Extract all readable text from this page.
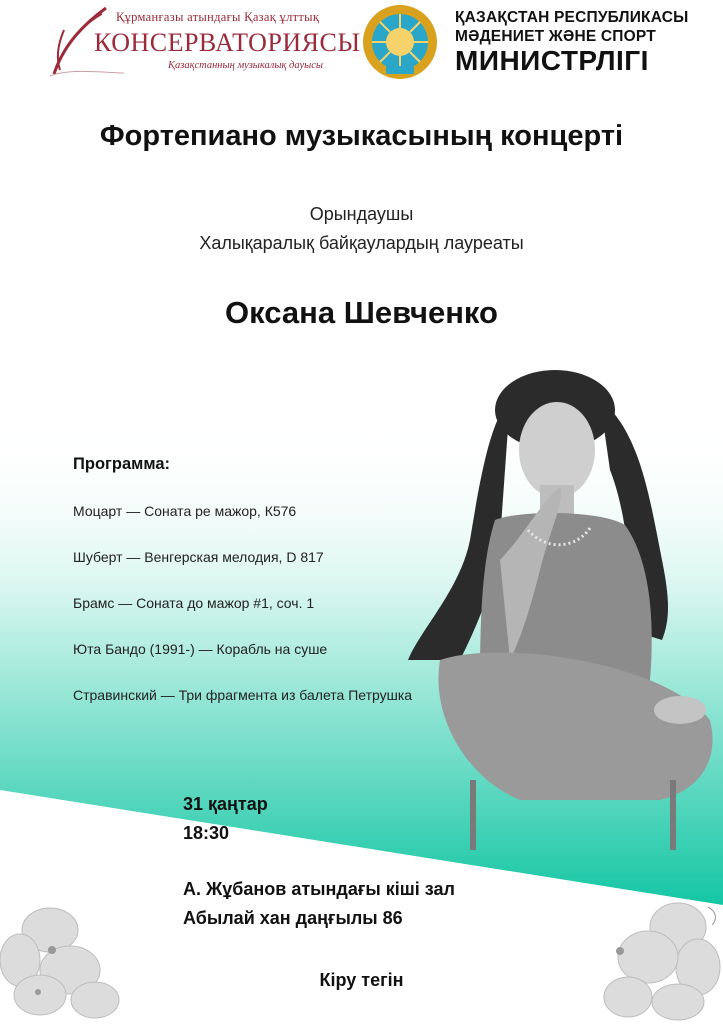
Құрманғазы атындағы Қазақ ұлттық
КОНСЕРВАТОРИЯСЫ
Қазақстанның музыкалық дауысы
ҚАЗАҚСТАН РЕСПУБЛИКАСЫ
МӘДЕНИЕТ ЖӘНЕ СПОРТ
МИНИСТРЛІГІ
Фортепиано музыкасының концерті
Орындаушы
Халықаралық байқаулардың лауреаты
Оксана Шевченко
Программа:
Моцарт — Соната ре мажор, К576
Шуберт — Венгерская мелодия, D 817
Брамс — Соната до мажор #1, соч. 1
Юта Бандо (1991-) — Корабль на суше
Стравинский — Три фрагмента из балета Петрушка
31 қаңтар
18:30
А. Жұбанов атындағы кіші зал
Абылай хан даңғылы 86
Кіру тегін
